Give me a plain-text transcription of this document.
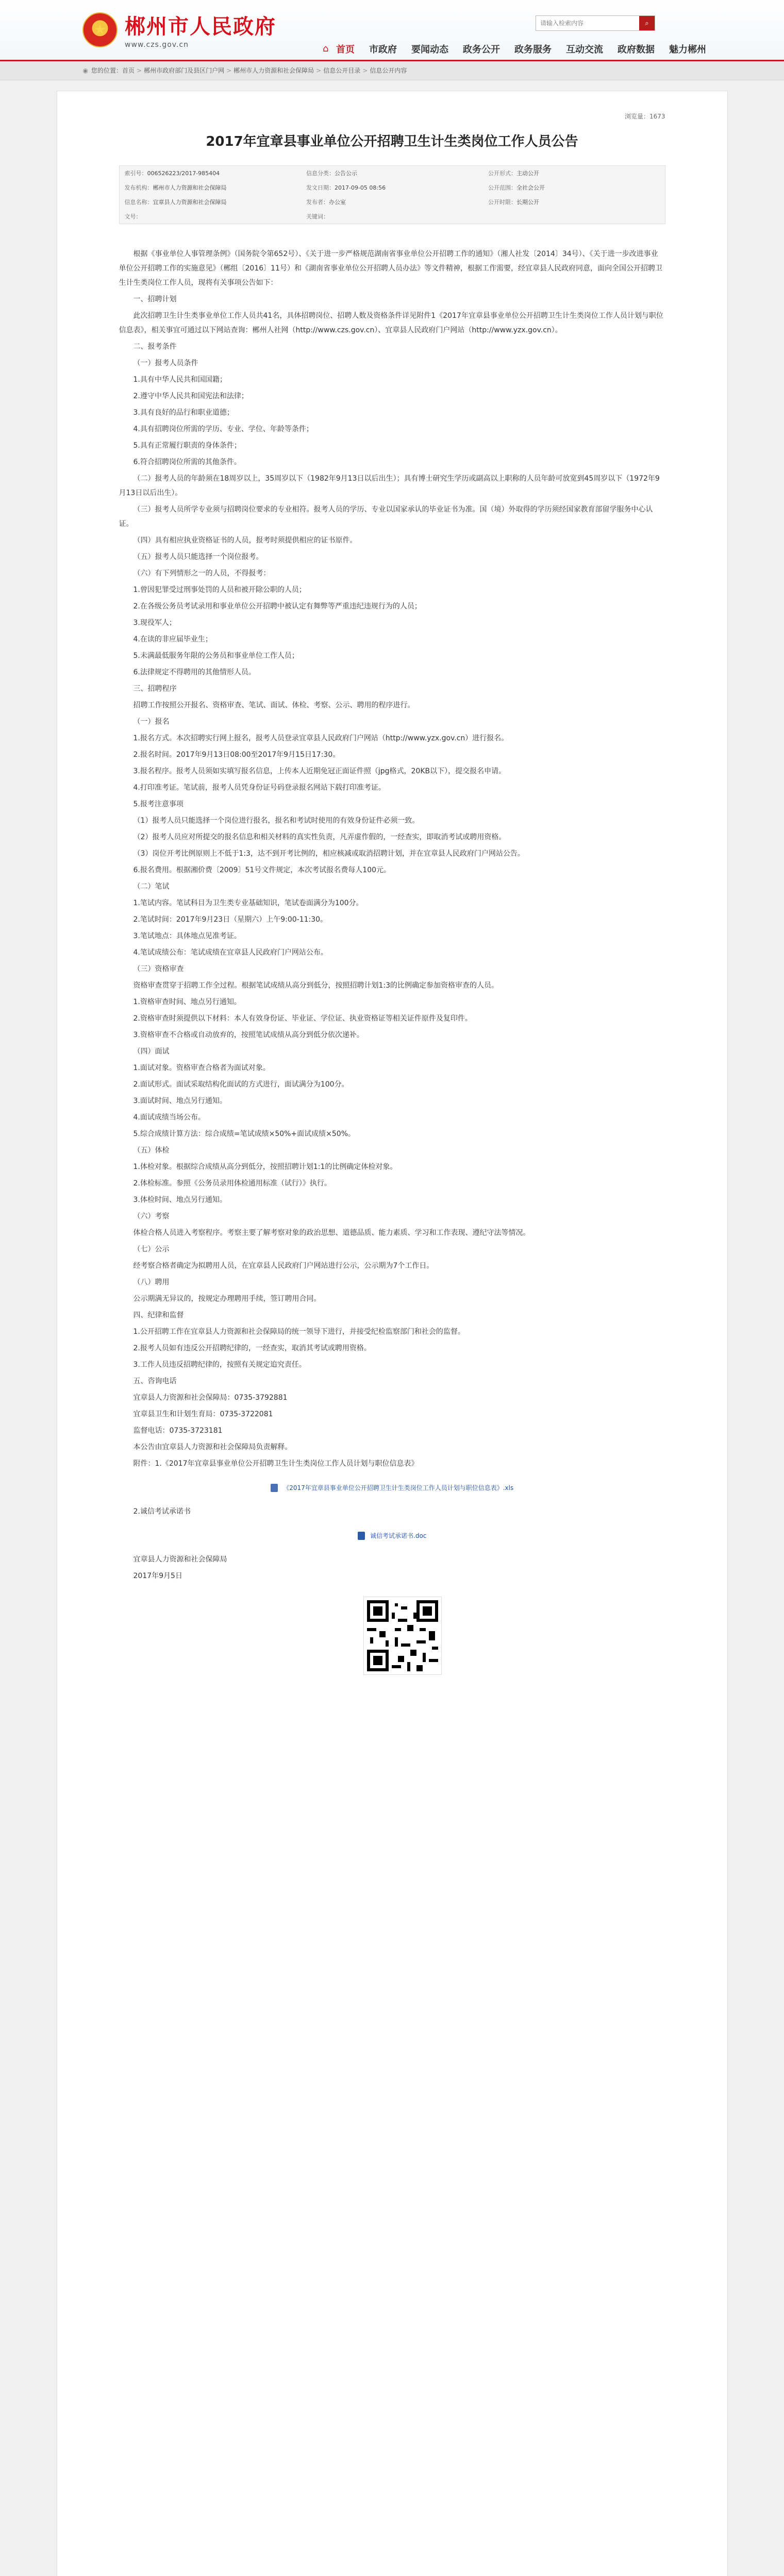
★ 郴州市人民政府
www.czs.gov.cn
请输入检索内容
⌕
⌂ 首页 市政府 要闻动态 政务公开 政务服务 互动交流 政府数据 魅力郴州
◉ 您的位置： 首页 > 郴州市政府部门及县区门户网 > 郴州市人力资源和社会保障局 > 信息公开目录 > 信息公开内容
浏览量：1673
2017年宜章县事业单位公开招聘卫生计生类岗位工作人员公告
索引号：006526223/2017-985404	信息分类：公告公示	公开形式：主动公开
发布机构：郴州市人力资源和社会保障局	发文日期：2017-09-05 08:56	公开范围：全社会公开
信息名称：宜章县人力资源和社会保障局	发布者：办公室	公开时限：长期公开
文号：	关键词：	

根据《事业单位人事管理条例》（国务院令第652号）、《关于进一步严格规范湖南省事业单位公开招聘工作的通知》（湘人社发〔2014〕34号）、《关于进一步改进事业单位公开招聘工作的实施意见》（郴组〔2016〕11号）和《湖南省事业单位公开招聘人员办法》等文件精神，根据工作需要，经宜章县人民政府同意，面向全国公开招聘卫生计生类岗位工作人员，现将有关事项公告如下：

一、招聘计划

此次招聘卫生计生类事业单位工作人员共41名，具体招聘岗位、招聘人数及资格条件详见附件1《2017年宜章县事业单位公开招聘卫生计生类岗位工作人员计划与职位信息表》，相关事宜可通过以下网站查询：郴州人社网（http://www.czs.gov.cn）、宜章县人民政府门户网站（http://www.yzx.gov.cn）。

二、报考条件

（一）报考人员条件

1.具有中华人民共和国国籍；

2.遵守中华人民共和国宪法和法律；

3.具有良好的品行和职业道德；

4.具有招聘岗位所需的学历、专业、学位、年龄等条件；

5.具有正常履行职责的身体条件；

6.符合招聘岗位所需的其他条件。

（二）报考人员的年龄须在18周岁以上，35周岁以下（1982年9月13日以后出生）；具有博士研究生学历或副高以上职称的人员年龄可放宽到45周岁以下（1972年9月13日以后出生）。

（三）报考人员所学专业须与招聘岗位要求的专业相符。报考人员的学历、专业以国家承认的毕业证书为准。国（境）外取得的学历须经国家教育部留学服务中心认证。

（四）具有相应执业资格证书的人员，报考时须提供相应的证书原件。

（五）报考人员只能选择一个岗位报考。

（六）有下列情形之一的人员，不得报考：

1.曾因犯罪受过刑事处罚的人员和被开除公职的人员；

2.在各级公务员考试录用和事业单位公开招聘中被认定有舞弊等严重违纪违规行为的人员；

3.现役军人；

4.在读的非应届毕业生；

5.未满最低服务年限的公务员和事业单位工作人员；

6.法律规定不得聘用的其他情形人员。

三、招聘程序

招聘工作按照公开报名、资格审查、笔试、面试、体检、考察、公示、聘用的程序进行。

（一）报名

1.报名方式。本次招聘实行网上报名，报考人员登录宜章县人民政府门户网站（http://www.yzx.gov.cn）进行报名。

2.报名时间。2017年9月13日08:00至2017年9月15日17:30。

3.报名程序。报考人员须如实填写报名信息，上传本人近期免冠正面证件照（jpg格式，20KB以下），提交报名申请。

4.打印准考证。笔试前，报考人员凭身份证号码登录报名网站下载打印准考证。

5.报考注意事项

（1）报考人员只能选择一个岗位进行报名，报名和考试时使用的有效身份证件必须一致。

（2）报考人员应对所提交的报名信息和相关材料的真实性负责，凡弄虚作假的，一经查实，即取消考试或聘用资格。

（3）岗位开考比例原则上不低于1:3，达不到开考比例的，相应核减或取消招聘计划，并在宜章县人民政府门户网站公告。

6.报名费用。根据湘价费〔2009〕51号文件规定，本次考试报名费每人100元。

（二）笔试

1.笔试内容。笔试科目为卫生类专业基础知识，笔试卷面满分为100分。

2.笔试时间：2017年9月23日（星期六）上午9:00-11:30。

3.笔试地点：具体地点见准考证。

4.笔试成绩公布：笔试成绩在宜章县人民政府门户网站公布。

（三）资格审查

资格审查贯穿于招聘工作全过程。根据笔试成绩从高分到低分，按照招聘计划1:3的比例确定参加资格审查的人员。

1.资格审查时间、地点另行通知。

2.资格审查时须提供以下材料：本人有效身份证、毕业证、学位证、执业资格证等相关证件原件及复印件。

3.资格审查不合格或自动放弃的，按照笔试成绩从高分到低分依次递补。

（四）面试

1.面试对象。资格审查合格者为面试对象。

2.面试形式。面试采取结构化面试的方式进行，面试满分为100分。

3.面试时间、地点另行通知。

4.面试成绩当场公布。

5.综合成绩计算方法：综合成绩=笔试成绩×50%+面试成绩×50%。

（五）体检

1.体检对象。根据综合成绩从高分到低分，按照招聘计划1:1的比例确定体检对象。

2.体检标准。参照《公务员录用体检通用标准（试行）》执行。

3.体检时间、地点另行通知。

（六）考察

体检合格人员进入考察程序。考察主要了解考察对象的政治思想、道德品质、能力素质、学习和工作表现、遵纪守法等情况。

（七）公示

经考察合格者确定为拟聘用人员，在宜章县人民政府门户网站进行公示，公示期为7个工作日。

（八）聘用

公示期满无异议的，按规定办理聘用手续，签订聘用合同。

四、纪律和监督

1.公开招聘工作在宜章县人力资源和社会保障局的统一领导下进行，并接受纪检监察部门和社会的监督。

2.报考人员如有违反公开招聘纪律的，一经查实，取消其考试或聘用资格。

3.工作人员违反招聘纪律的，按照有关规定追究责任。

五、咨询电话

宜章县人力资源和社会保障局：0735-3792881

宜章县卫生和计划生育局：0735-3722081

监督电话：0735-3723181

本公告由宜章县人力资源和社会保障局负责解释。

附件：1.《2017年宜章县事业单位公开招聘卫生计生类岗位工作人员计划与职位信息表》

《2017年宜章县事业单位公开招聘卫生计生类岗位工作人员计划与职位信息表》.xls

2.诚信考试承诺书

诚信考试承诺书.doc

宜章县人力资源和社会保障局

2017年9月5日
